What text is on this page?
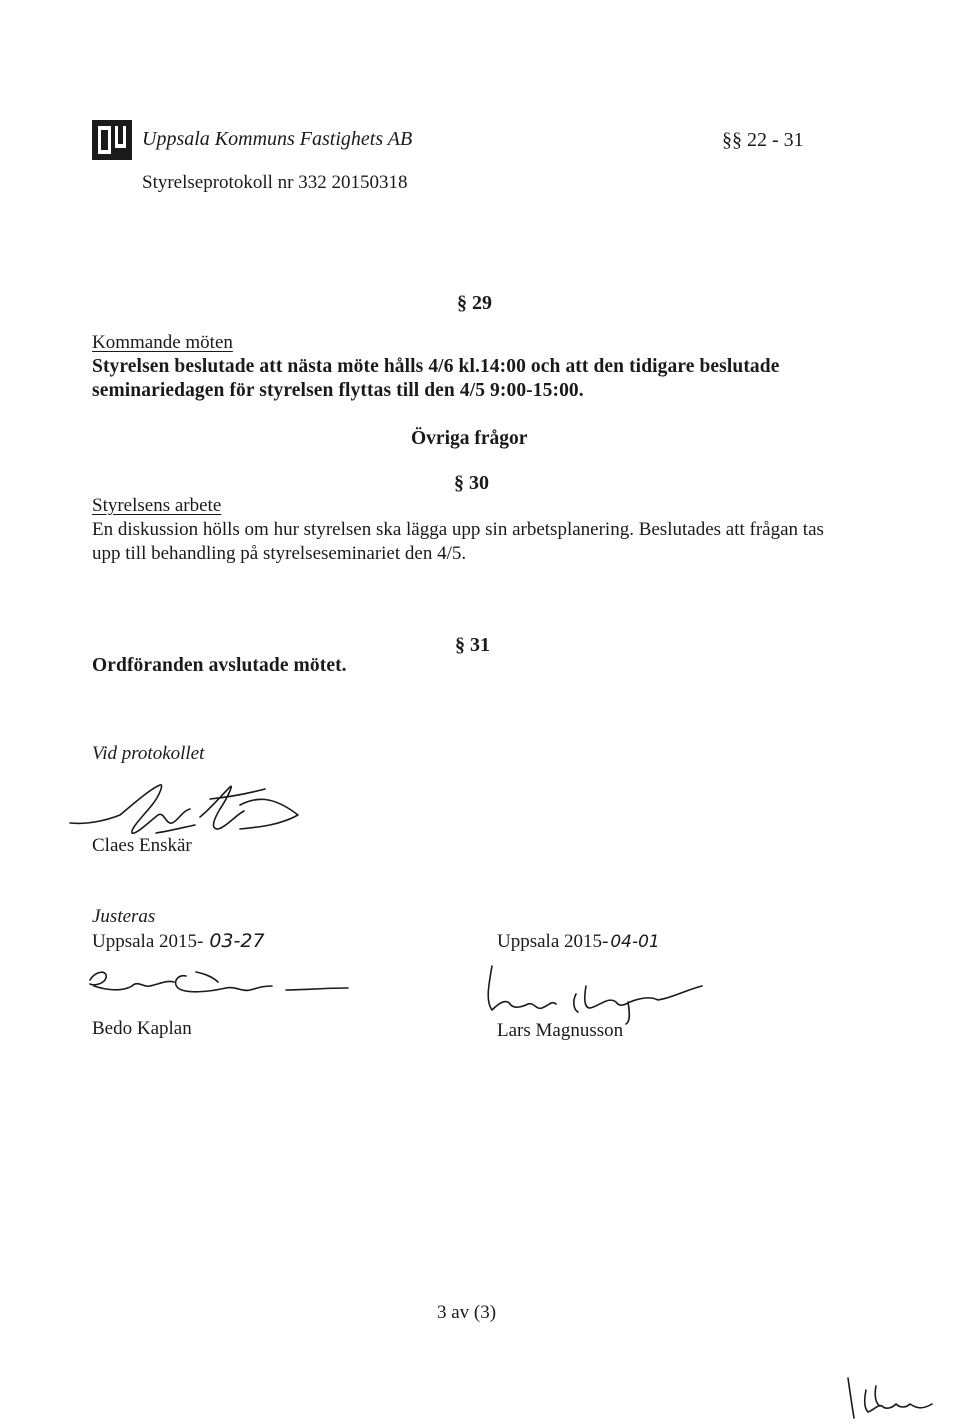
Uppsala Kommuns Fastighets AB	§§ 22 - 31
Styrelseprotokoll nr 332 20150318
§ 29
Kommande möten
Styrelsen beslutade att nästa möte hålls 4/6 kl.14:00 och att den tidigare beslutade
seminariedagen för styrelsen flyttas till den 4/5 9:00-15:00.
Övriga frågor
§ 30
Styrelsens arbete
En diskussion hölls om hur styrelsen ska lägga upp sin arbetsplanering. Beslutades att frågan tas
upp till behandling på styrelseseminariet den 4/5.
§ 31
Ordföranden avslutade mötet.
Vid protokollet
Claes Enskär
Justeras
Uppsala 2015- 03-27	Uppsala 2015- 04-01
Bedo Kaplan	Lars Magnusson
3 av (3)
